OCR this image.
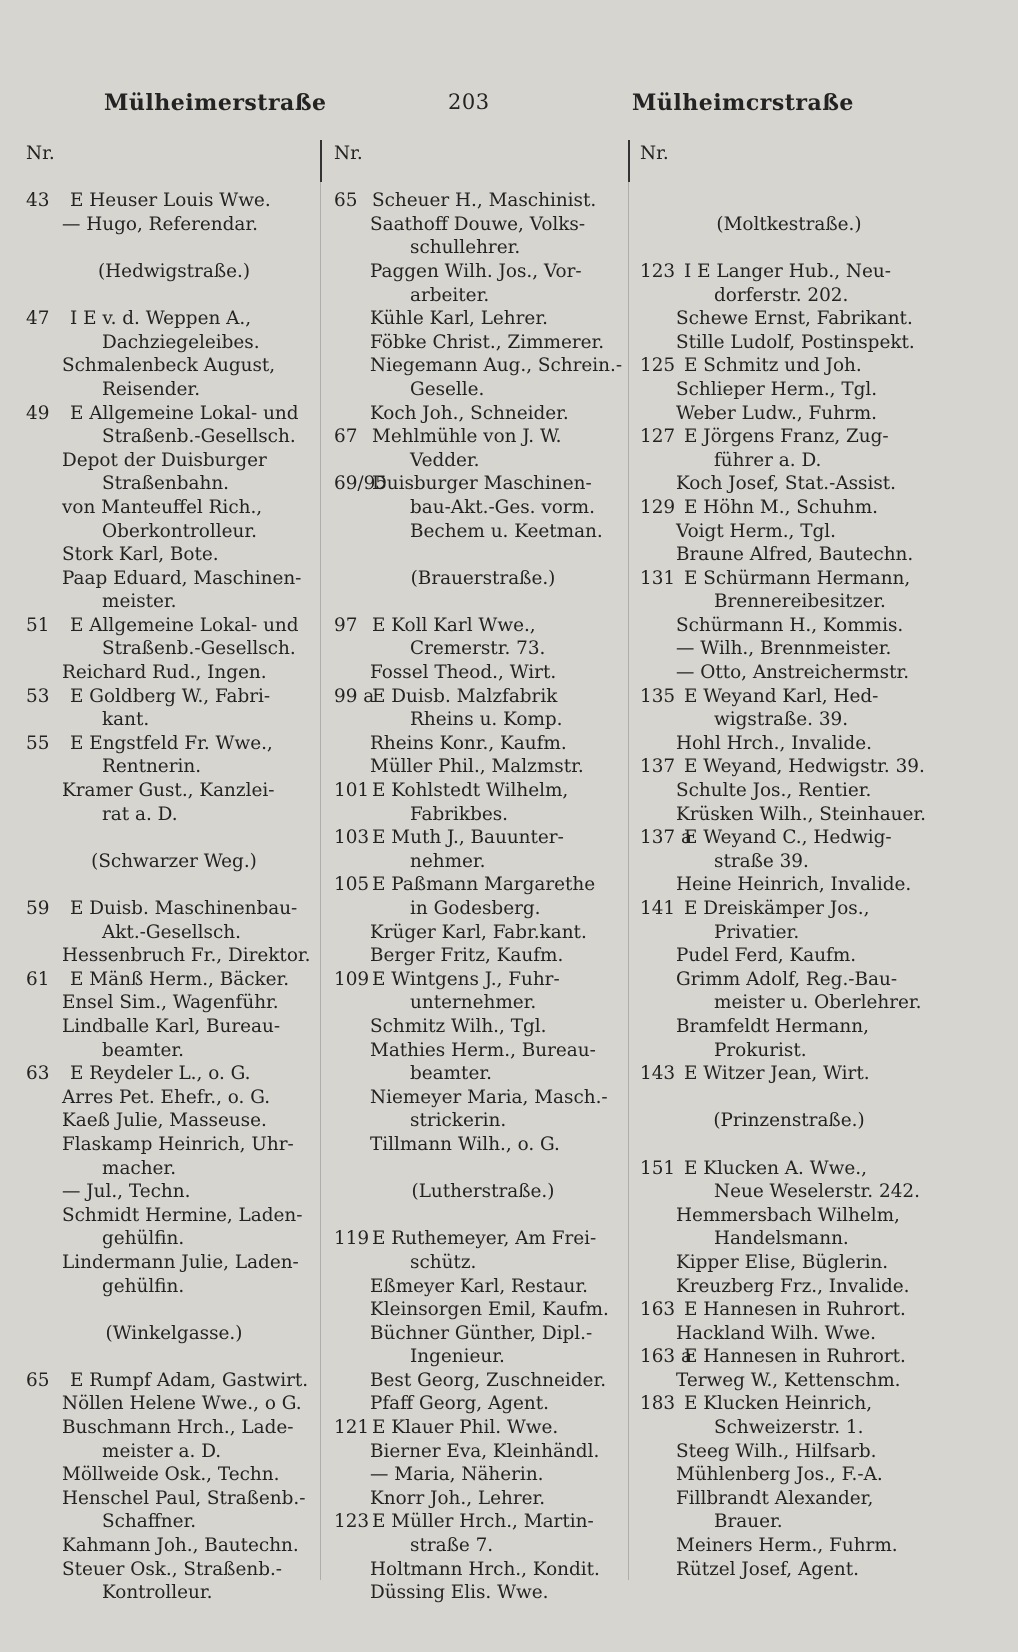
Mülheimerstraße	203	Mülheimcrstraße
Nr.
43 E Heuser Louis Wwe.
— Hugo, Referendar.
(Hedwigstraße.)
47 I E v. d. Weppen A.,
Dachziegeleibes.
Schmalenbeck August,
Reisender.
49 E Allgemeine Lokal- und
Straßenb.-Gesellsch.
Depot der Duisburger
Straßenbahn.
von Manteuffel Rich.,
Oberkontrolleur.
Stork Karl, Bote.
Paap Eduard, Maschinen-
meister.
51 E Allgemeine Lokal- und
Straßenb.-Gesellsch.
Reichard Rud., Ingen.
53 E Goldberg W., Fabri-
kant.
55 E Engstfeld Fr. Wwe.,
Rentnerin.
Kramer Gust., Kanzlei-
rat a. D.
(Schwarzer Weg.)
59 E Duisb. Maschinenbau-
Akt.-Gesellsch.
Hessenbruch Fr., Direktor.
61 E Mänß Herm., Bäcker.
Ensel Sim., Wagenführ.
Lindballe Karl, Bureau-
beamter.
63 E Reydeler L., o. G.
Arres Pet. Ehefr., o. G.
Kaeß Julie, Masseuse.
Flaskamp Heinrich, Uhr-
macher.
— Jul., Techn.
Schmidt Hermine, Laden-
gehülfin.
Lindermann Julie, Laden-
gehülfin.
(Winkelgasse.)
65 E Rumpf Adam, Gastwirt.
Nöllen Helene Wwe., o G.
Buschmann Hrch., Lade-
meister a. D.
Möllweide Osk., Techn.
Henschel Paul, Straßenb.-
Schaffner.
Kahmann Joh., Bautechn.
Steuer Osk., Straßenb.-
Kontrolleur.
Nr.
65 Scheuer H., Maschinist.
Saathoff Douwe, Volks-
schullehrer.
Paggen Wilh. Jos., Vor-
arbeiter.
Kühle Karl, Lehrer.
Föbke Christ., Zimmerer.
Niegemann Aug., Schrein.-
Geselle.
Koch Joh., Schneider.
67 Mehlmühle von J. W.
Vedder.
69/95Duisburger Maschinen-
bau-Akt.-Ges. vorm.
Bechem u. Keetman.
(Brauerstraße.)
97 E Koll Karl Wwe.,
Cremerstr. 73.
Fossel Theod., Wirt.
99 aE Duisb. Malzfabrik
Rheins u. Komp.
Rheins Konr., Kaufm.
Müller Phil., Malzmstr.
101 E Kohlstedt Wilhelm,
Fabrikbes.
103 E Muth J., Bauunter-
nehmer.
105 E Paßmann Margarethe
in Godesberg.
Krüger Karl, Fabr.kant.
Berger Fritz, Kaufm.
109 E Wintgens J., Fuhr-
unternehmer.
Schmitz Wilh., Tgl.
Mathies Herm., Bureau-
beamter.
Niemeyer Maria, Masch.-
strickerin.
Tillmann Wilh., o. G.
(Lutherstraße.)
119 E Ruthemeyer, Am Frei-
schütz.
Eßmeyer Karl, Restaur.
Kleinsorgen Emil, Kaufm.
Büchner Günther, Dipl.-
Ingenieur.
Best Georg, Zuschneider.
Pfaff Georg, Agent.
121 E Klauer Phil. Wwe.
Bierner Eva, Kleinhändl.
— Maria, Näherin.
Knorr Joh., Lehrer.
123 E Müller Hrch., Martin-
straße 7.
Holtmann Hrch., Kondit.
Düssing Elis. Wwe.
Nr.
(Moltkestraße.)
123 I E Langer Hub., Neu-
dorferstr. 202.
Schewe Ernst, Fabrikant.
Stille Ludolf, Postinspekt.
125 E Schmitz und Joh.
Schlieper Herm., Tgl.
Weber Ludw., Fuhrm.
127 E Jörgens Franz, Zug-
führer a. D.
Koch Josef, Stat.-Assist.
129 E Höhn M., Schuhm.
Voigt Herm., Tgl.
Braune Alfred, Bautechn.
131 E Schürmann Hermann,
Brennereibesitzer.
Schürmann H., Kommis.
— Wilh., Brennmeister.
— Otto, Anstreichermstr.
135 E Weyand Karl, Hed-
wigstraße. 39.
Hohl Hrch., Invalide.
137 E Weyand, Hedwigstr. 39.
Schulte Jos., Rentier.
Krüsken Wilh., Steinhauer.
137 aE Weyand C., Hedwig-
straße 39.
Heine Heinrich, Invalide.
141 E Dreiskämper Jos.,
Privatier.
Pudel Ferd, Kaufm.
Grimm Adolf, Reg.-Bau-
meister u. Oberlehrer.
Bramfeldt Hermann,
Prokurist.
143 E Witzer Jean, Wirt.
(Prinzenstraße.)
151 E Klucken A. Wwe.,
Neue Weselerstr. 242.
Hemmersbach Wilhelm,
Handelsmann.
Kipper Elise, Büglerin.
Kreuzberg Frz., Invalide.
163 E Hannesen in Ruhrort.
Hackland Wilh. Wwe.
163 aE Hannesen in Ruhrort.
Terweg W., Kettenschm.
183 E Klucken Heinrich,
Schweizerstr. 1.
Steeg Wilh., Hilfsarb.
Mühlenberg Jos., F.-A.
Fillbrandt Alexander,
Brauer.
Meiners Herm., Fuhrm.
Rützel Josef, Agent.
